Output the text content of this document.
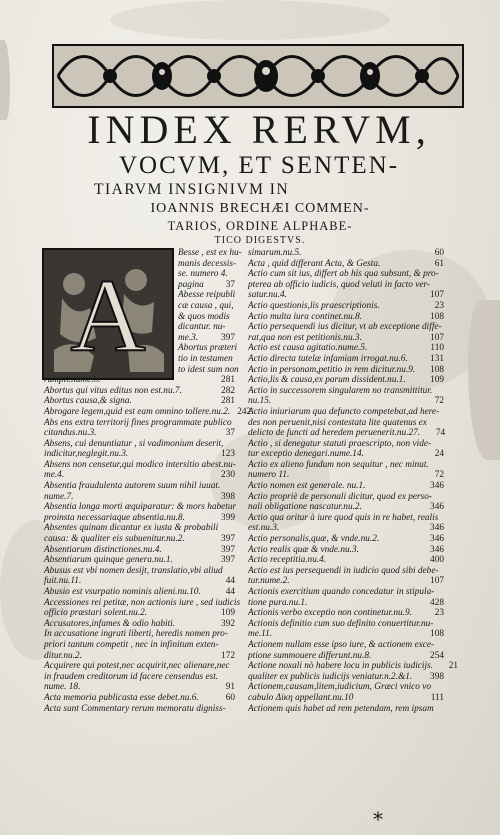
INDEX RERVM,
VOCVM, ET SENTEN-
TIARVM INSIGNIVM IN
IOANNIS BRECHÆI COMMEN-
TARIOS, ORDINE ALPHABE-
TICO DIGESTVS.
A
Besse , est ex hu-
manis decessis-
se. numero 4.
pagina	37
Abesse reipubli
cæ causa , qui,
& quos modis
dicantur. nu-
me.3.	397
Abortus præteri
tio in testamen
to idest sum non
rumpit.nume.6.	281
Abortus qui vitus editus non est.nu.7.	282
Abortus causa,& signa.	281
Abrogare legem,quid est eam omnino tollere.nu.2. 242
Abs ens extra territorij fines programmate publico
citandus.nu.3.	37
Absens, cui denuntiatur , si vadimonium deserit,
indicitur,neglegit.nu.3.	123
Absens non censetur,qui modico intersitio abest.nu-
me.4.	230
Absentia fraudulenta autorem suum nihil iuuat.
nume.7.	398
Absentia longa morti æquiparatur: & mors habetur
proinsta necessariaque absentia.nu.8.	399
Absentes quinam dicantur ex iusta & probabili
causa: & qualiter eis subuenitur.nu.2.	397
Absentiarum distinctiones.nu.4.	397
Absentiarum quinque genera.nu.1.	397
Abusus est vbi nomen desijt, translatio,vbi aliud
fuit.nu.11.	44
Abusio est vsurpatio nominis alieni.nu.10.	44
Accessiones rei petitæ, non actionis iure , sed iudicis
officio præstari solent.nu.2.	109
Accusatores,infames & odio habiti.	392
In accusatione ingrati liberti, heredis nomen pro-
priori tantum competit , nec in infinitum exten-
ditur.nu.2.	172
Acquirere qui potest,nec acquirit,nec alienare,nec
in fraudem creditorum id facere censendus est.
nume. 18.	91
Acta memoria publicasta esse debet.nu.6.	60
Acta sunt Commentary rerum memoratu digniss-
simarum.nu.5.	60
Acta , quid differant Acta, & Gesta.	61
Actio cum sit ius, differt ab his qua subsunt, & pro-
pterea ab officio iudicis, quod veluti in facto ver-
satur.nu.4.	107
Actio questionis,lis praescriptionis.	23
Actio multa iura continet.nu.8.	108
Actio persequendi ius dicitur, vt ab exceptione diffe-
rat,qua non est petitionis.nu.3.	107
Actio est causa agitatio.nume.5.	110
Actio directa tutelæ infamiam irrogat.nu.6.	131
Actio in personam,petitio in rem dicitur.nu.9.	108
Actio,lis & causa,ex parum dissident.nu.1.	109
Actio in successorem singularem no transmittitur.
nu.15.	72
Actio iniuriarum qua defuncto competebat,ad here-
des non peruenit,nisi contestata lite quatenus ex
delicto de functi ad heredem peruenerit.nu.27.	74
Actio , si denegatur statuti praescripto, non vide-
tur exceptio denegari.nume.14.	24
Actio ex alieno fundum non sequitur , nec minut.
numero 11.	72
Actio nomen est generale. nu.1.	346
Actio propriè de personali dicitur, quod ex perso-
nali obligatione nascatur.nu.2.	346
Actio qua oritur à iure quod quis in re habet, realis
est.nu.3.	346
Actio personalis,quæ, & vnde.nu.2.	346
Actio realis quæ & vnde.nu.3.	346
Actio receptitia.nu.4.	400
Actio est ius persequendi in iudicio quod sibi debe-
tur.nume.2.	107
Actionis exercitium quando concedatur in stipula-
tione pura.nu.1.	428
Actionis verbo exceptio non continetur.nu.9.	23
Actionis definitio cum suo definito conuertitur.nu-
me.11.	108
Actionem nullam esse ipso iure, & actionem exce-
ptione summouere differunt.nu.8.	254
Actione noxali nò habere locu in publicis iudicijs.	21
qualiter ex publicis iudicijs veniatur.n.2.&1.	398
Actionem,causam,litem,iudicium, Græci vnico vo
cabulo Δίκη appellant.nu.10	111
Actionem quis habet ad rem petendam, rem ipsam
*
